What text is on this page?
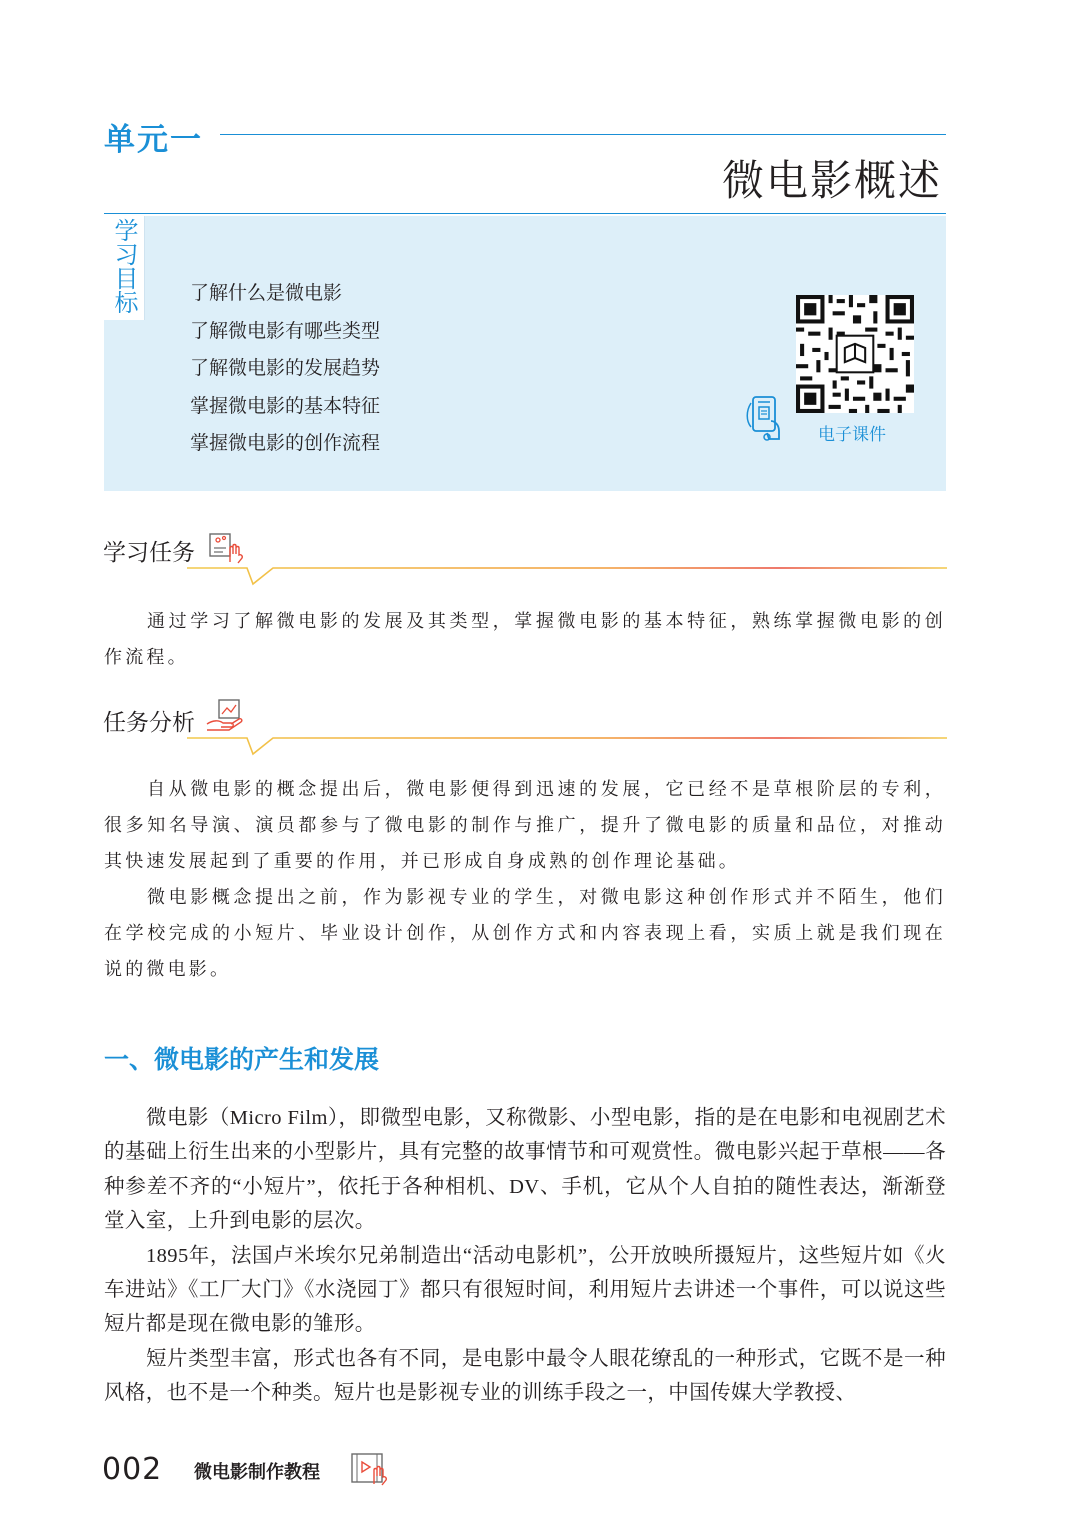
单元一
微电影概述
学习目标	了解什么是微电影
了解微电影有哪些类型
了解微电影的发展趋势
掌握微电影的基本特征
掌握微电影的创作流程	电子课件
学习任务

通过学习了解微电影的发展及其类型，掌握微电影的基本特征，熟练掌握微电影的创作流程。

任务分析

自从微电影的概念提出后，微电影便得到迅速的发展，它已经不是草根阶层的专利，很多知名导演、演员都参与了微电影的制作与推广，提升了微电影的质量和品位，对推动其快速发展起到了重要的作用，并已形成自身成熟的创作理论基础。

微电影概念提出之前，作为影视专业的学生，对微电影这种创作形式并不陌生，他们在学校完成的小短片、毕业设计创作，从创作方式和内容表现上看，实质上就是我们现在说的微电影。

一、微电影的产生和发展

微电影（Micro Film），即微型电影，又称微影、小型电影，指的是在电影和电视剧艺术的基础上衍生出来的小型影片，具有完整的故事情节和可观赏性。微电影兴起于草根——各种参差不齐的“小短片”，依托于各种相机、DV、手机，它从个人自拍的随性表达，渐渐登堂入室，上升到电影的层次。

1895年，法国卢米埃尔兄弟制造出“活动电影机”，公开放映所摄短片，这些短片如《火车进站》《工厂大门》《水浇园丁》都只有很短时间，利用短片去讲述一个事件，可以说这些短片都是现在微电影的雏形。

短片类型丰富，形式也各有不同，是电影中最令人眼花缭乱的一种形式，它既不是一种风格，也不是一个种类。短片也是影视专业的训练手段之一，中国传媒大学教授、

002 微电影制作教程
